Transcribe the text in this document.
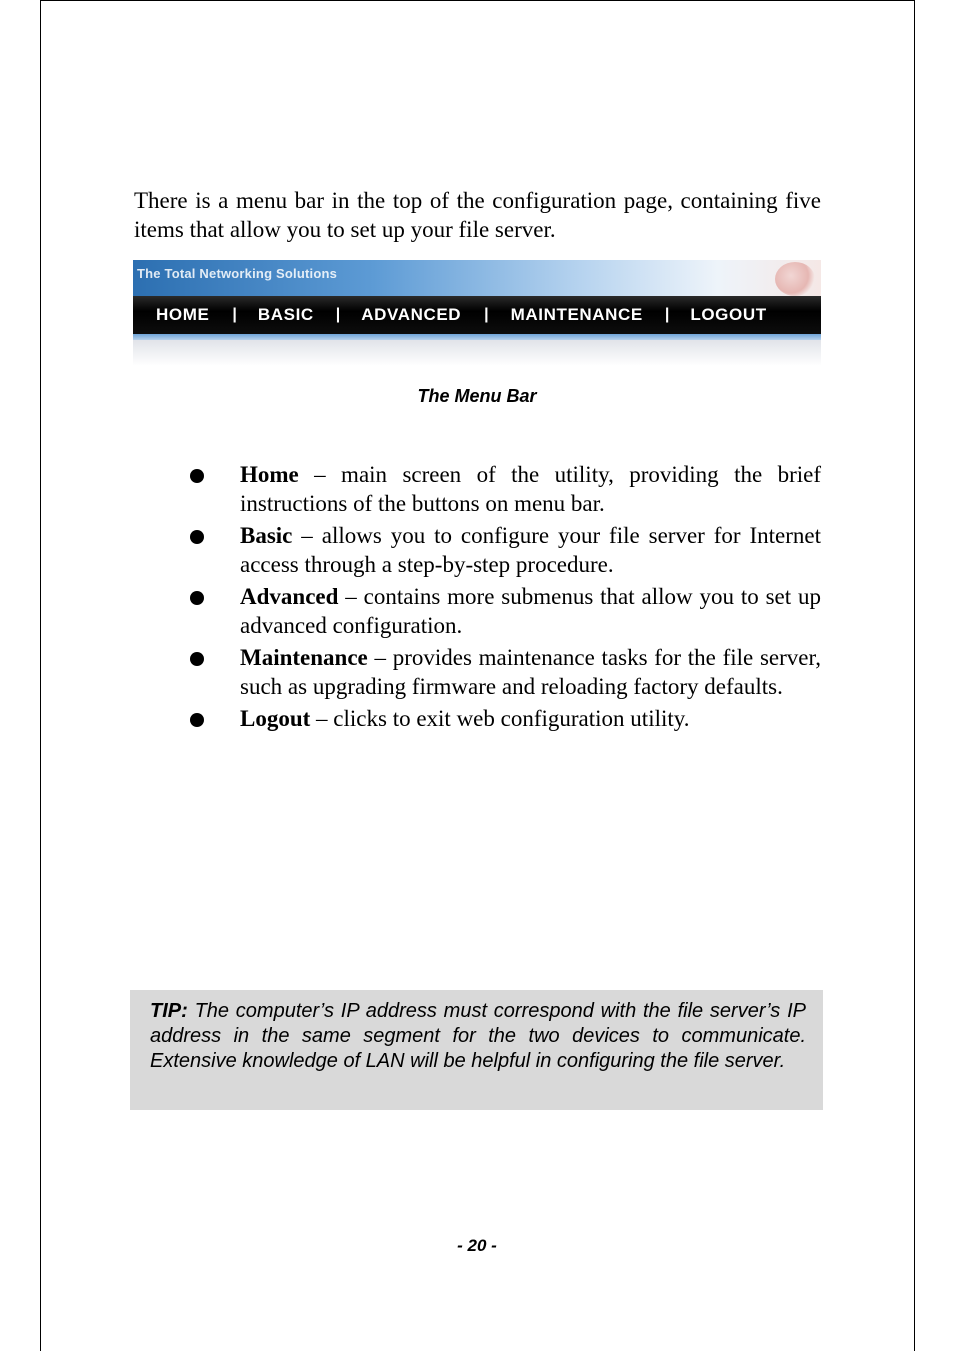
There is a menu bar in the top of the configuration page, containing five items that allow you to set up your file server.

The Total Networking Solutions
HOME | BASIC | ADVANCED | MAINTENANCE | LOGOUT
The Menu Bar
Home – main screen of the utility, providing the brief instructions of the buttons on menu bar.
Basic – allows you to configure your file server for Internet access through a step-by-step procedure.
Advanced – contains more submenus that allow you to set up advanced configuration.
Maintenance – provides maintenance tasks for the file server, such as upgrading firmware and reloading factory defaults.
Logout – clicks to exit web configuration utility.
TIP: The computer’s IP address must correspond with the file server’s IP address in the same segment for the two devices to communicate. Extensive knowledge of LAN will be helpful in configuring the file server.
- 20 -
